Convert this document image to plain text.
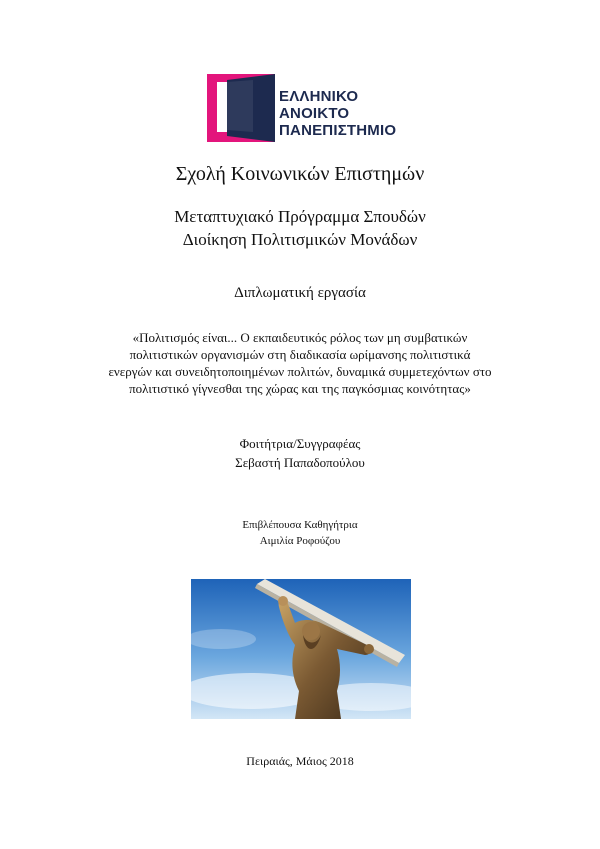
ΕΛΛΗΝΙΚΟ
ΑΝΟΙΚΤΟ
ΠΑΝΕΠΙΣΤΗΜΙΟ
Σχολή Κοινωνικών Επιστημών
Μεταπτυχιακό Πρόγραμμα Σπουδών
Διοίκηση Πολιτισμικών Μονάδων
Διπλωματική εργασία
«Πολιτισμός είναι... Ο εκπαιδευτικός ρόλος των μη συμβατικών
πολιτιστικών οργανισμών στη διαδικασία ωρίμανσης πολιτιστικά
ενεργών και συνειδητοποιημένων πολιτών, δυναμικά συμμετεχόντων στο
πολιτιστικό γίγνεσθαι της χώρας και της παγκόσμιας κοινότητας»
Φοιτήτρια/Συγγραφέας
Σεβαστή Παπαδοπούλου
Επιβλέπουσα Καθηγήτρια
Αιμιλία Ροφούζου
Πειραιάς, Μάιος 2018
